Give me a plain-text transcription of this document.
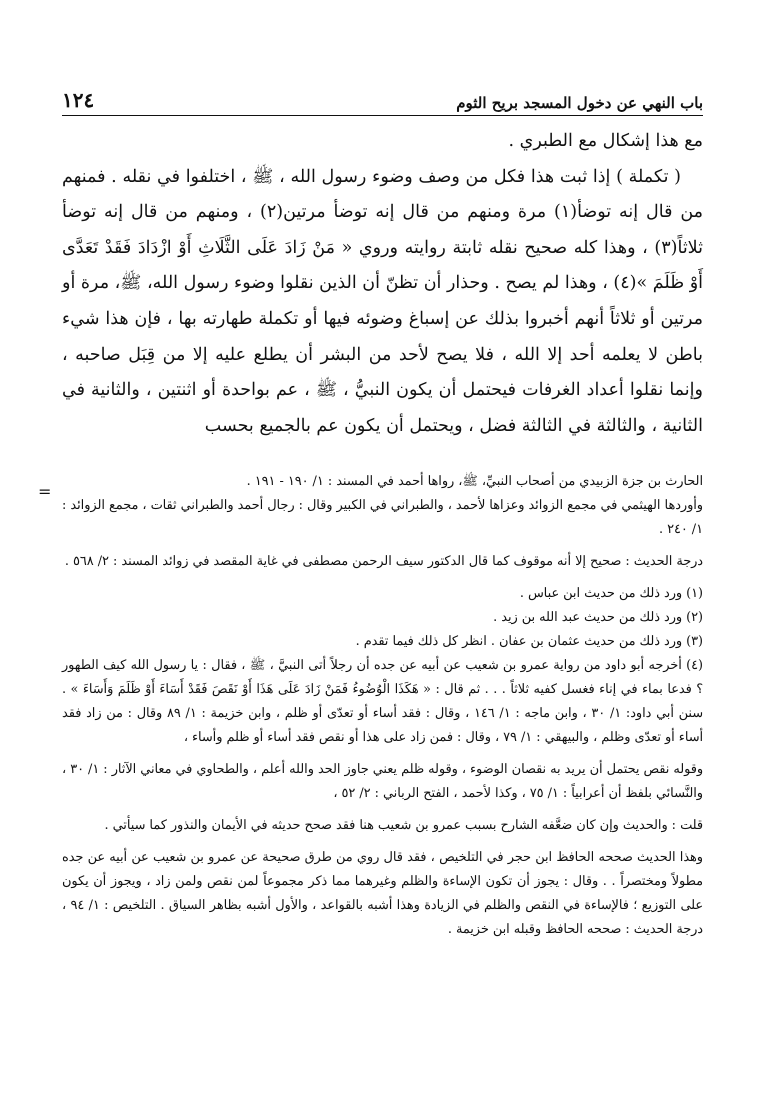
باب النهي عن دخول المسجد بريح الثوم
١٢٤

مع هذا إشكال مع الطبري .

( تكملة ) إذا ثبت هذا فكل من وصف وضوء رسول الله ، ﷺ ، اختلفوا في نقله . فمنهم من قال إنه توضأ(١) مرة ومنهم من قال إنه توضأ مرتين(٢) ، ومنهم من قال إنه توضأ ثلاثاً(٣) ، وهذا كله صحيح نقله ثابتة روايته وروي « مَنْ زَادَ عَلَى الثَّلَاثِ أَوْ ازْدَادَ فَقَدْ تَعَدَّى أَوْ ظَلَمَ »(٤) ، وهذا لم يصح . وحذار أن تظنّ أن الذين نقلوا وضوء رسول الله، ﷺ، مرة أو مرتين أو ثلاثاً أنهم أخبروا بذلك عن إسباغ وضوئه فيها أو تكملة طهارته بها ، فإن هذا شيء باطن لا يعلمه أحد إلا الله ، فلا يصح لأحد من البشر أن يطلع عليه إلا من قِبَل صاحبه ، وإنما نقلوا أعداد الغرفات فيحتمل أن يكون النبيُّ ، ﷺ ، عم بواحدة أو اثنتين ، والثانية في الثانية ، والثالثة في الثالثة فضل ، ويحتمل أن يكون عم بالجميع بحسب

=

الحارث بن جزة الزبيدي من أصحاب النبيِّ، ﷺ، رواها أحمد في المسند : ١/ ١٩٠ - ١٩١ .

وأوردها الهيثمي في مجمع الزوائد وعزاها لأحمد ، والطبراني في الكبير وقال : رجال أحمد والطبراني ثقات ، مجمع الزوائد : ١/ ٢٤٠ .

درجة الحديث : صحيح إلا أنه موقوف كما قال الدكتور سيف الرحمن مصطفى في غاية المقصد في زوائد المسند : ٢/ ٥٦٨ .

(١) ورد ذلك من حديث ابن عباس .

(٢) ورد ذلك من حديث عبد الله بن زيد .

(٣) ورد ذلك من حديث عثمان بن عفان . انظر كل ذلك فيما تقدم .

(٤) أخرجه أبو داود من رواية عمرو بن شعيب عن أبيه عن جده أن رجلاً أتى النبيَّ ، ﷺ ، فقال : يا رسول الله كيف الطهور ؟ فدعا بماء في إناء فغسل كفيه ثلاثاً . . . ثم قال : « هَكَذَا الْوُضُوءُ فَمَنْ زَادَ عَلَى هَذَا أَوْ نَقَصَ فَقَدْ أَسَاءَ أَوْ ظَلَمَ وَأَسَاءَ » . سنن أبي داود: ١/ ٣٠ ، وابن ماجه : ١/ ١٤٦ ، وقال : فقد أساء أو تعدّى أو ظلم ، وابن خزيمة : ١/ ٨٩ وقال : من زاد فقد أساء أو تعدّى وظلم ، والبيهقي : ١/ ٧٩ ، وقال : فمن زاد على هذا أو نقص فقد أساء أو ظلم وأساء ،

وقوله نقص يحتمل أن يريد به نقصان الوضوء ، وقوله ظلم يعني جاوز الحد والله أعلم ، والطحاوي في معاني الآثار : ١/ ٣٠ ، والنَّسائي بلفظ أن أعرابياً : ١/ ٧٥ ، وكذا لأحمد ، الفتح الرباني : ٢/ ٥٢ ،

قلت : والحديث وإن كان ضعَّفه الشارح بسبب عمرو بن شعيب هنا فقد صحح حديثه في الأيمان والنذور كما سيأتي .

وهذا الحديث صححه الحافظ ابن حجر في التلخيص ، فقد قال روي من طرق صحيحة عن عمرو بن شعيب عن أبيه عن جده مطولاً ومختصراً . . وقال : يجوز أن تكون الإساءة والظلم وغيرهما مما ذكر مجموعاً لمن نقص ولمن زاد ، ويجوز أن يكون على التوزيع ؛ فالإساءة في النقص والظلم في الزيادة وهذا أشبه بالقواعد ، والأول أشبه بظاهر السياق . التلخيص : ١/ ٩٤ ، درجة الحديث : صححه الحافظ وقبله ابن خزيمة .
